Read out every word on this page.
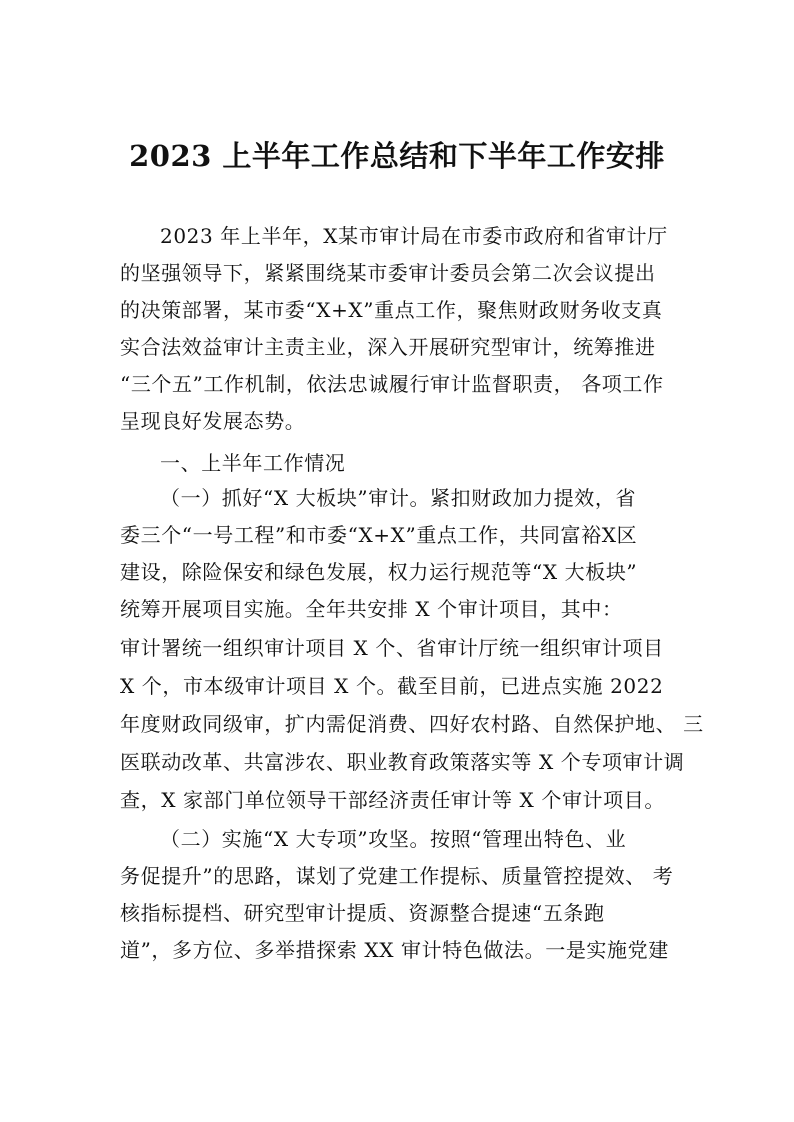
2023 上半年工作总结和下半年工作安排
2023 年上半年，X某市审计局在市委市政府和省审计厅
的坚强领导下，紧紧围绕某市委审计委员会第二次会议提出
的决策部署，某市委“X+X”重点工作，聚焦财政财务收支真
实合法效益审计主责主业，深入开展研究型审计，统筹推进
“三个五”工作机制，依法忠诚履行审计监督职责， 各项工作
呈现良好发展态势。
一、上半年工作情况
（一）抓好“X 大板块”审计。紧扣财政加力提效，省
委三个“一号工程”和市委“X+X”重点工作，共同富裕X区
建设，除险保安和绿色发展，权力运行规范等“X 大板块”
统筹开展项目实施。全年共安排 X 个审计项目，其中：
审计署统一组织审计项目 X 个、省审计厅统一组织审计项目
X 个，市本级审计项目 X 个。截至目前，已进点实施 2022
年度财政同级审，扩内需促消费、四好农村路、自然保护地、 三
医联动改革、共富涉农、职业教育政策落实等 X 个专项审计调
查，X 家部门单位领导干部经济责任审计等 X 个审计项目。
（二）实施“X 大专项”攻坚。按照“管理出特色、业
务促提升”的思路，谋划了党建工作提标、质量管控提效、 考
核指标提档、研究型审计提质、资源整合提速“五条跑
道”，多方位、多举措探索 XX 审计特色做法。一是实施党建
